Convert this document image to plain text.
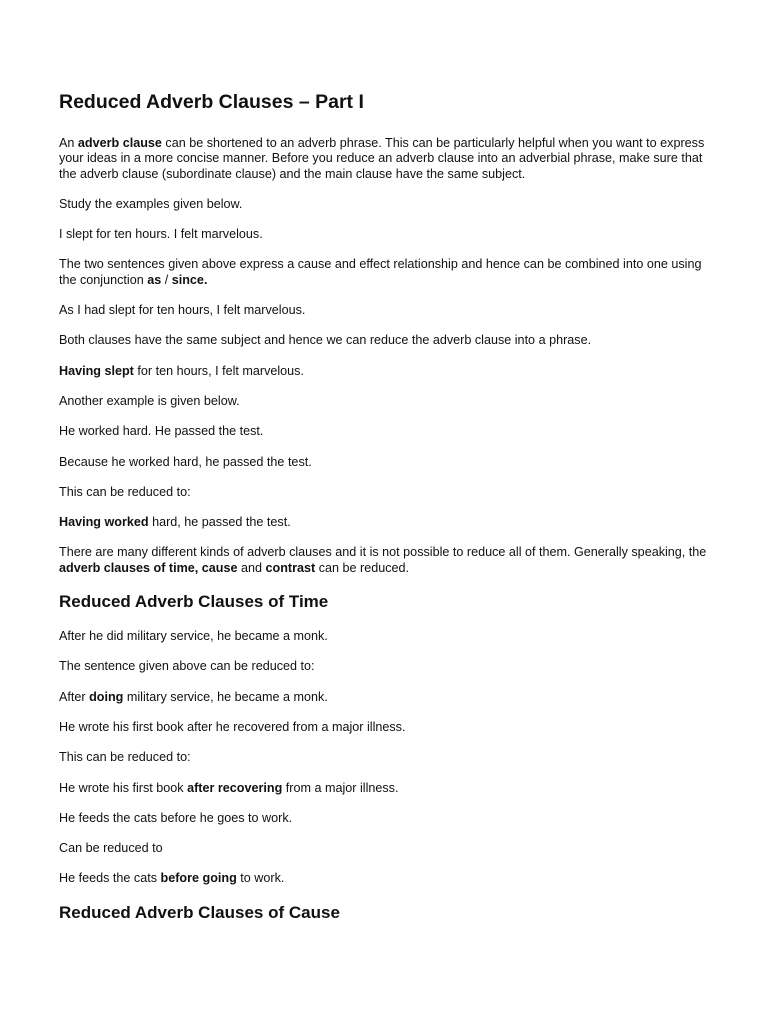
Reduced Adverb Clauses – Part I

An adverb clause can be shortened to an adverb phrase. This can be particularly helpful when you want to express your ideas in a more concise manner. Before you reduce an adverb clause into an adverbial phrase, make sure that the adverb clause (subordinate clause) and the main clause have the same subject.

Study the examples given below.

I slept for ten hours. I felt marvelous.

The two sentences given above express a cause and effect relationship and hence can be combined into one using the conjunction as / since.

As I had slept for ten hours, I felt marvelous.

Both clauses have the same subject and hence we can reduce the adverb clause into a phrase.

Having slept for ten hours, I felt marvelous.

Another example is given below.

He worked hard. He passed the test.

Because he worked hard, he passed the test.

This can be reduced to:

Having worked hard, he passed the test.

There are many different kinds of adverb clauses and it is not possible to reduce all of them. Generally speaking, the adverb clauses of time, cause and contrast can be reduced.

Reduced Adverb Clauses of Time

After he did military service, he became a monk.

The sentence given above can be reduced to:

After doing military service, he became a monk.

He wrote his first book after he recovered from a major illness.

This can be reduced to:

He wrote his first book after recovering from a major illness.

He feeds the cats before he goes to work.

Can be reduced to

He feeds the cats before going to work.

Reduced Adverb Clauses of Cause
